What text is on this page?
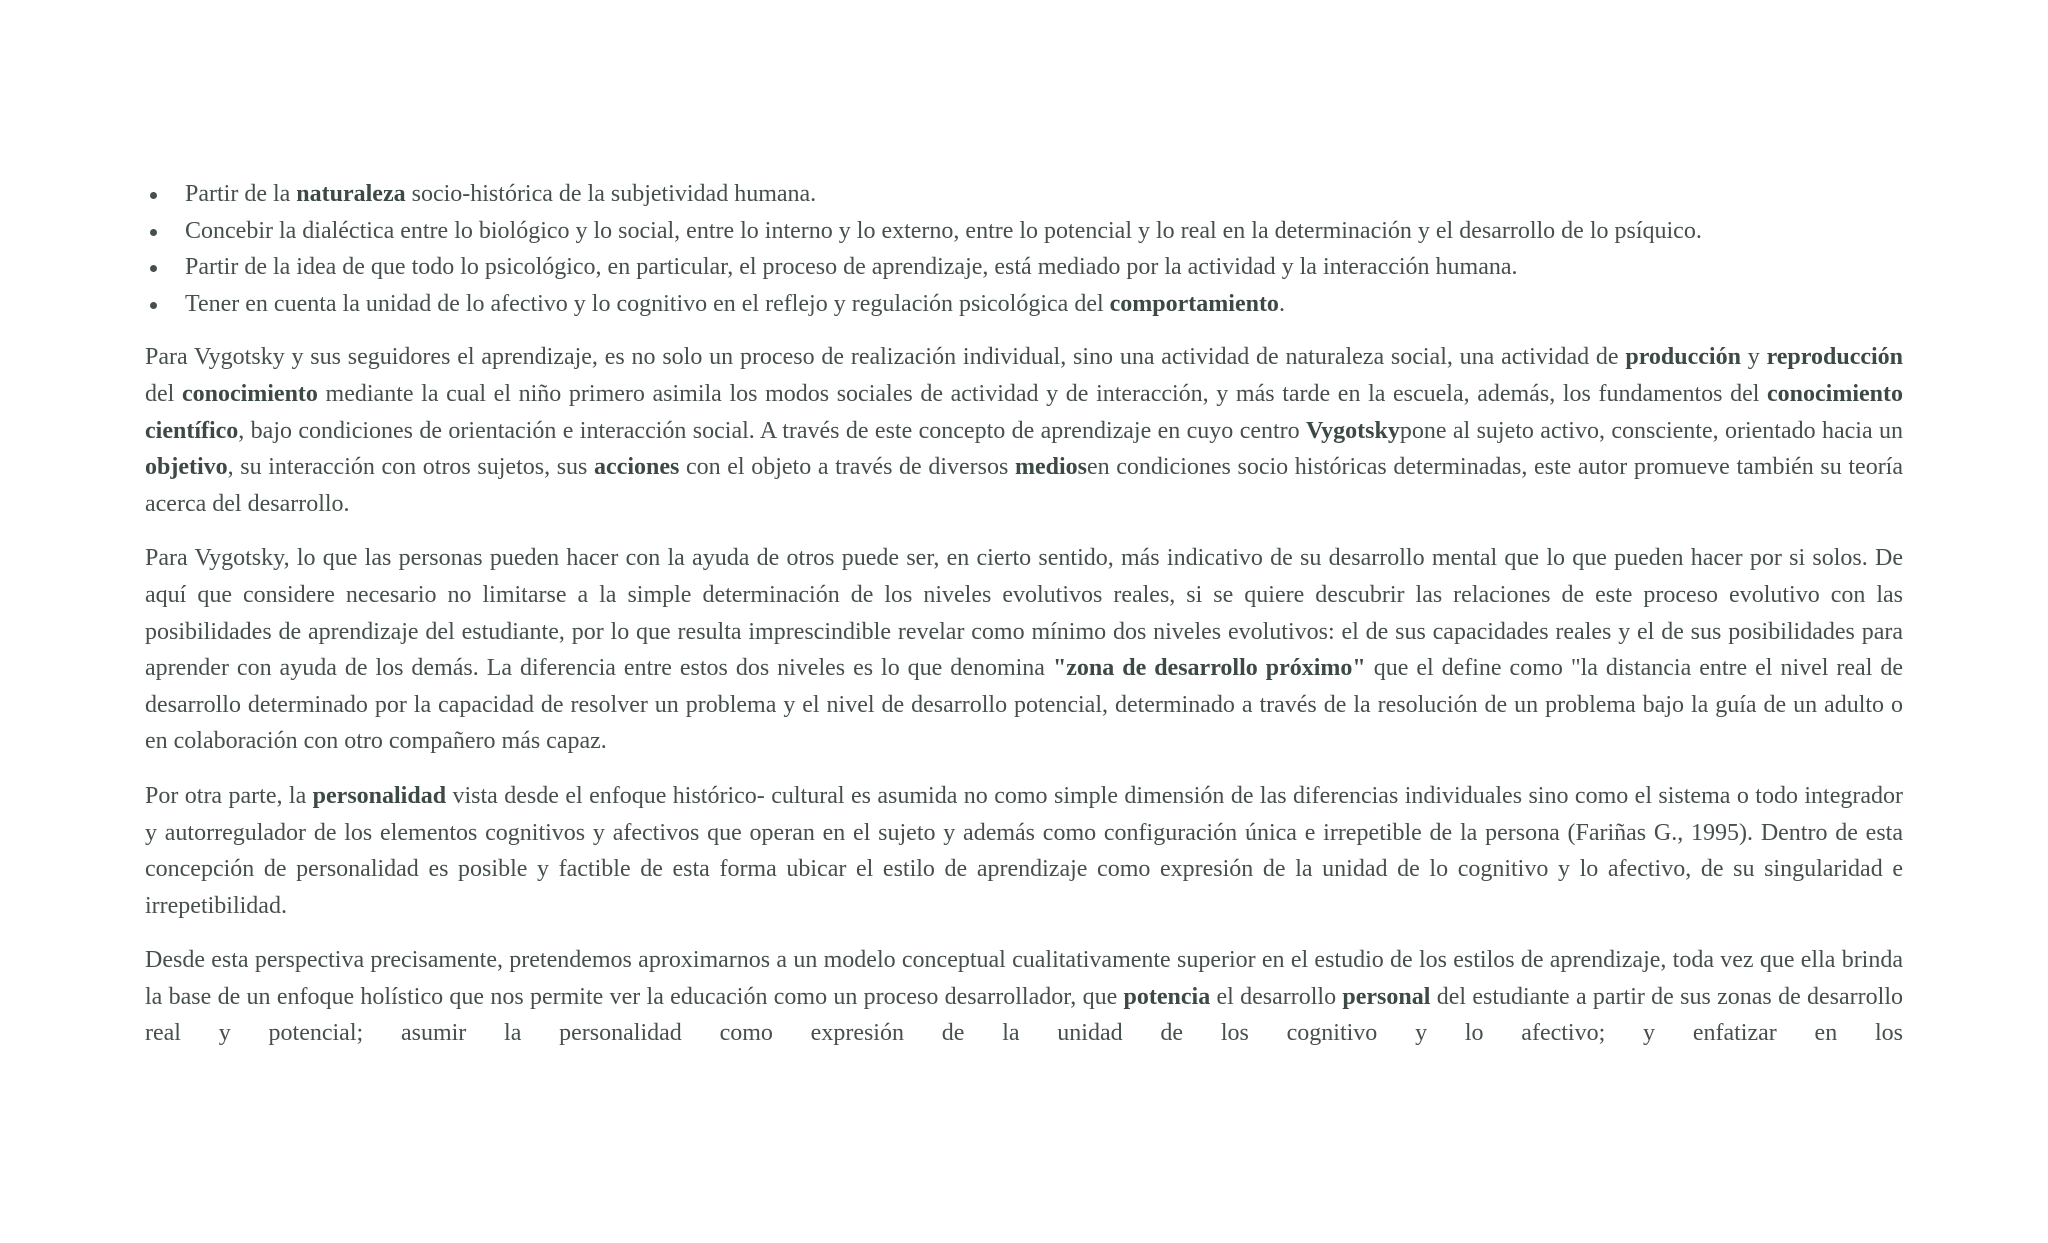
Partir de la naturaleza socio-histórica de la subjetividad humana.
Concebir la dialéctica entre lo biológico y lo social, entre lo interno y lo externo, entre lo potencial y lo real en la determinación y el desarrollo de lo psíquico.
Partir de la idea de que todo lo psicológico, en particular, el proceso de aprendizaje, está mediado por la actividad y la interacción humana.
Tener en cuenta la unidad de lo afectivo y lo cognitivo en el reflejo y regulación psicológica del comportamiento.

Para Vygotsky y sus seguidores el aprendizaje, es no solo un proceso de realización individual, sino una actividad de naturaleza social, una actividad de producción y reproducción del conocimiento mediante la cual el niño primero asimila los modos sociales de actividad y de interacción, y más tarde en la escuela, además, los fundamentos del conocimiento científico, bajo condiciones de orientación e interacción social. A través de este concepto de aprendizaje en cuyo centro Vygotskypone al sujeto activo, consciente, orientado hacia un objetivo, su interacción con otros sujetos, sus acciones con el objeto a través de diversos mediosen condiciones socio históricas determinadas, este autor promueve también su teoría acerca del desarrollo.

Para Vygotsky, lo que las personas pueden hacer con la ayuda de otros puede ser, en cierto sentido, más indicativo de su desarrollo mental que lo que pueden hacer por si solos. De aquí que considere necesario no limitarse a la simple determinación de los niveles evolutivos reales, si se quiere descubrir las relaciones de este proceso evolutivo con las posibilidades de aprendizaje del estudiante, por lo que resulta imprescindible revelar como mínimo dos niveles evolutivos: el de sus capacidades reales y el de sus posibilidades para aprender con ayuda de los demás. La diferencia entre estos dos niveles es lo que denomina "zona de desarrollo próximo" que el define como "la distancia entre el nivel real de desarrollo determinado por la capacidad de resolver un problema y el nivel de desarrollo potencial, determinado a través de la resolución de un problema bajo la guía de un adulto o en colaboración con otro compañero más capaz.

Por otra parte, la personalidad vista desde el enfoque histórico- cultural es asumida no como simple dimensión de las diferencias individuales sino como el sistema o todo integrador y autorregulador de los elementos cognitivos y afectivos que operan en el sujeto y además como configuración única e irrepetible de la persona (Fariñas G., 1995). Dentro de esta concepción de personalidad es posible y factible de esta forma ubicar el estilo de aprendizaje como expresión de la unidad de lo cognitivo y lo afectivo, de su singularidad e irrepetibilidad.

Desde esta perspectiva precisamente, pretendemos aproximarnos a un modelo conceptual cualitativamente superior en el estudio de los estilos de aprendizaje, toda vez que ella brinda la base de un enfoque holístico que nos permite ver la educación como un proceso desarrollador, que potencia el desarrollo personal del estudiante a partir de sus zonas de desarrollo real y potencial; asumir la personalidad como expresión de la unidad de los cognitivo y lo afectivo; y enfatizar en los
